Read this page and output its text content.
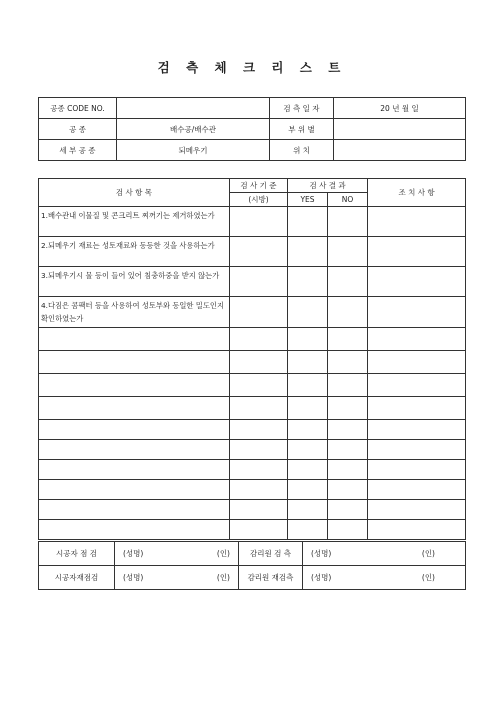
검 측 체 크 리 스 트
공종 CODE NO.		검 측 일 자	20 년 월 일
공 종	배수공/배수관	부 위 별	
세 부 공 종	되메우기	위 치	
검 사 항 목	검 사 기 준	검 사 결 과		조 치 사 항
	(시방)	YES	NO	
1.배수관내 이물질 및 콘크리트 찌꺼기는 제거하였는가				
2.되메우기 재료는 성토재료와 동등한 것을 사용하는가				
3.되메우기시 물 등이 들어 있어 침충하중을 받지 않는가				
4.다짐은 콤팩터 등을 사용하여 성토부와 동일한 밀도인지 확인하였는가				

시공자 점 검	(성명) (인)	감리원 검 측	(성명) (인)

시공자재점검	(성명) (인)	감리원 재검측	(성명) (인)
